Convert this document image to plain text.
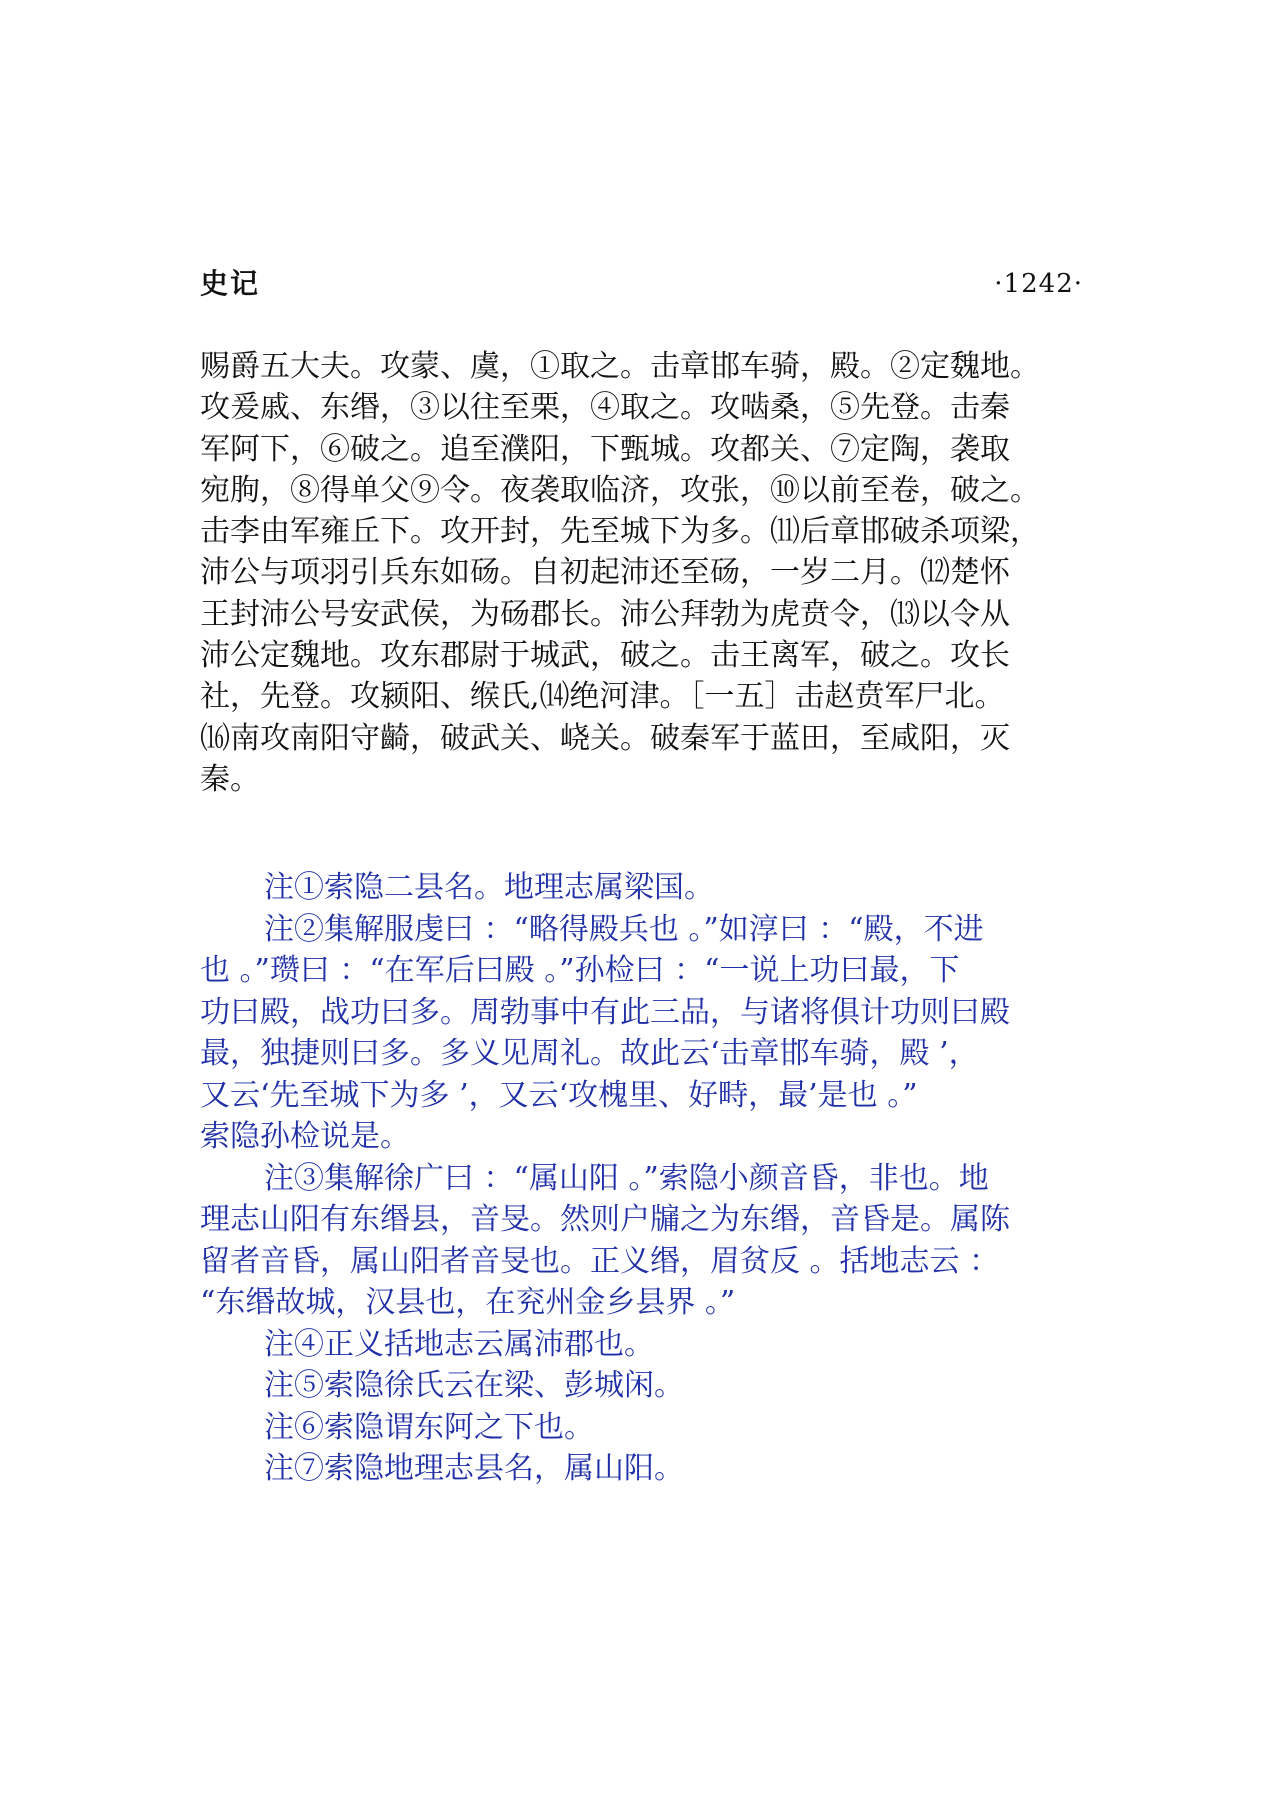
史记	·1242·
赐爵五大夫。攻蒙、虞，①取之。击章邯车骑，殿。②定魏地。
攻爰戚、东缗，③以往至栗，④取之。攻啮桑，⑤先登。击秦
军阿下，⑥破之。追至濮阳，下甄城。攻都关、⑦定陶，袭取
宛朐，⑧得单父⑨令。夜袭取临济，攻张，⑩以前至卷，破之。
击李由军雍丘下。攻开封，先至城下为多。⑾后章邯破杀项梁，
沛公与项羽引兵东如砀。自初起沛还至砀，一岁二月。⑿楚怀
王封沛公号安武侯，为砀郡长。沛公拜勃为虎贲令，⒀以令从
沛公定魏地。攻东郡尉于城武，破之。击王离军，破之。攻长
社，先登。攻颍阳、缑氏,⒁绝河津。［一五］击赵贲军尸北。
⒃南攻南阳守齮，破武关、峣关。破秦军于蓝田，至咸阳，灭
秦。
注①索隐二县名。地理志属梁国。
注②集解服虔曰 ：“略得殿兵也 。”如淳曰 ：“殿，不进
也 。”瓒曰 ：“在军后曰殿 。”孙检曰 ：“一说上功曰最，下
功曰殿，战功曰多。周勃事中有此三品，与诸将俱计功则曰殿
最，独捷则曰多。多义见周礼。故此云‘击章邯车骑，殿 ’，
又云‘先至城下为多 ’，又云‘攻槐里、好畤，最’是也 。”
索隐孙检说是。
注③集解徐广曰 ：“属山阳 。”索隐小颜音昏，非也。地
理志山阳有东缗县，音旻。然则户牖之为东缗，音昏是。属陈
留者音昏，属山阳者音旻也。正义缗，眉贫反 。括地志云 ：
“东缗故城，汉县也，在兖州金乡县界 。”
注④正义括地志云属沛郡也。
注⑤索隐徐氏云在梁、彭城闲。
注⑥索隐谓东阿之下也。
注⑦索隐地理志县名，属山阳。
